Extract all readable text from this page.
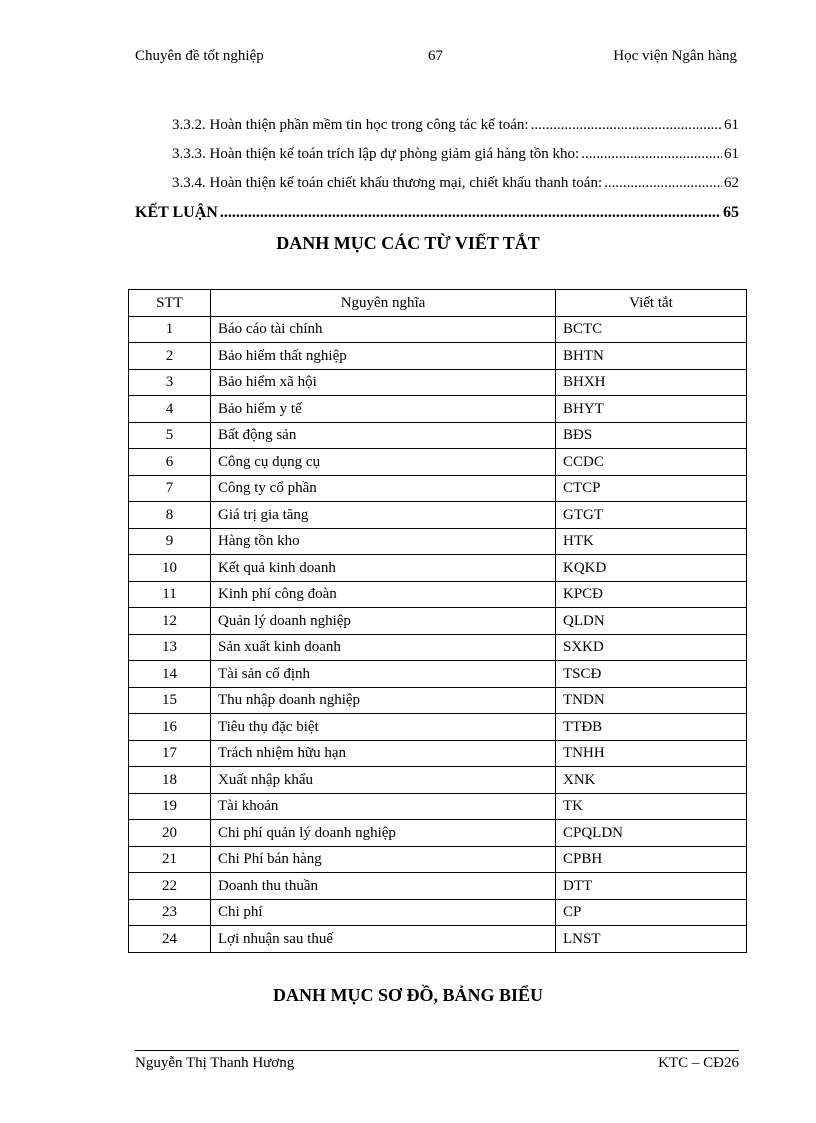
Chuyên đề tốt nghiệp	67	Học viện Ngân hàng
3.3.2. Hoàn thiện phần mềm tin học trong công tác kế toán: .....	61
3.3.3. Hoàn thiện kế toán trích lập dự phòng giảm giá hàng tồn kho: .....	61
3.3.4. Hoàn thiện kế toán chiết khấu thương mại, chiết khấu thanh toán: .....	62
KẾT LUẬN .....	65
DANH MỤC CÁC TỪ VIẾT TẮT
STT	Nguyên nghĩa	Viết tắt
1	Báo cáo tài chính	BCTC
2	Bảo hiểm thất nghiệp	BHTN
3	Bảo hiểm xã hội	BHXH
4	Bảo hiểm y tế	BHYT
5	Bất động sản	BĐS
6	Công cụ dụng cụ	CCDC
7	Công ty cổ phần	CTCP
8	Giá trị gia tăng	GTGT
9	Hàng tồn kho	HTK
10	Kết quả kinh doanh	KQKD
11	Kinh phí công đoàn	KPCĐ
12	Quản lý doanh nghiệp	QLDN
13	Sản xuất kinh doanh	SXKD
14	Tài sản cố định	TSCĐ
15	Thu nhập doanh nghiệp	TNDN
16	Tiêu thụ đặc biệt	TTĐB
17	Trách nhiệm hữu hạn	TNHH
18	Xuất nhập khẩu	XNK
19	Tài khoản	TK
20	Chi phí quản lý doanh nghiệp	CPQLDN
21	Chi Phí bán hàng	CPBH
22	Doanh thu thuần	DTT
23	Chi phí	CP
24	Lợi nhuận sau thuế	LNST
DANH MỤC SƠ ĐỒ, BẢNG BIỂU
Nguyễn Thị Thanh Hương	KTC – CĐ26
